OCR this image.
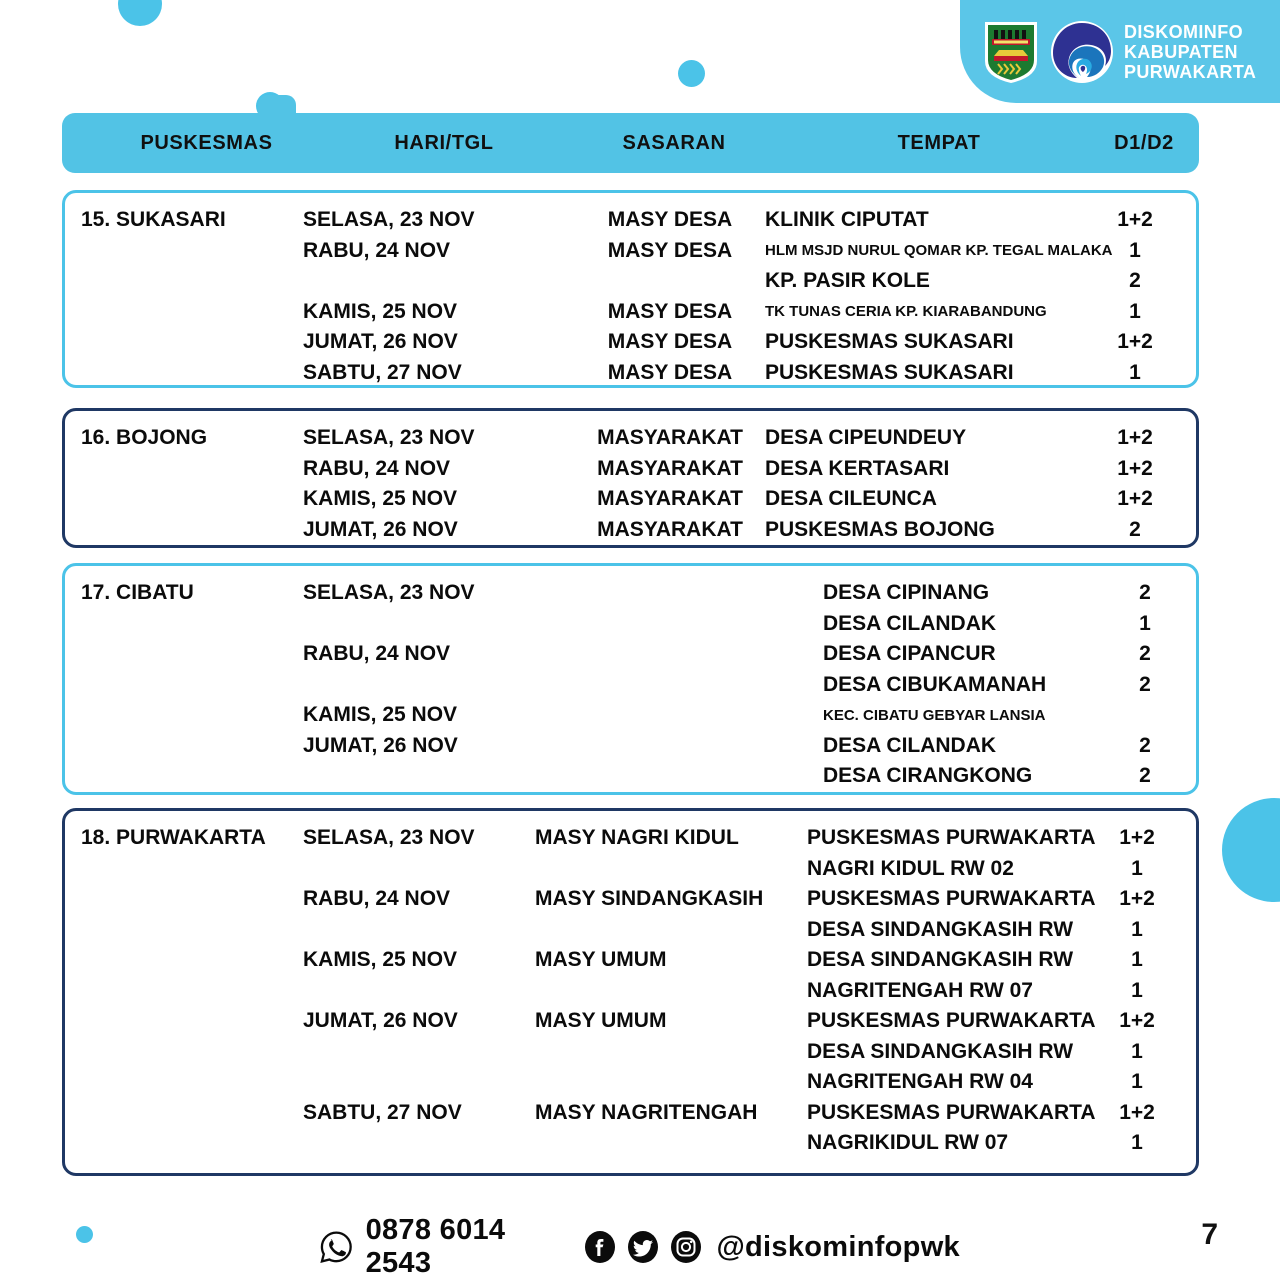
DISKOMINFO
KABUPATEN
PURWAKARTA
PUSKESMAS	HARI/TGL	SASARAN	TEMPAT	D1/D2
15. SUKASARI	SELASA, 23 NOV	MASY DESA	KLINIK CIPUTAT	1+2
RABU, 24 NOV	MASY DESA	HLM MSJD NURUL QOMAR KP. TEGAL MALAKA 1
KP. PASIR KOLE	2
KAMIS, 25 NOV	MASY DESA	TK TUNAS CERIA KP. KIARABANDUNG	1
JUMAT, 26 NOV	MASY DESA	PUSKESMAS SUKASARI	1+2
SABTU, 27 NOV	MASY DESA	PUSKESMAS SUKASARI	1
16. BOJONG	SELASA, 23 NOV	MASYARAKAT	DESA CIPEUNDEUY	1+2
RABU, 24 NOV	MASYARAKAT	DESA KERTASARI	1+2
KAMIS, 25 NOV	MASYARAKAT	DESA CILEUNCA	1+2
JUMAT, 26 NOV	MASYARAKAT	PUSKESMAS BOJONG	2
17. CIBATU	SELASA, 23 NOV	DESA CIPINANG	2
DESA CILANDAK	1
RABU, 24 NOV	DESA CIPANCUR	2
DESA CIBUKAMANAH	2
KAMIS, 25 NOV	KEC. CIBATU GEBYAR LANSIA
JUMAT, 26 NOV	DESA CILANDAK	2
DESA CIRANGKONG	2
18. PURWAKARTA	SELASA, 23 NOV	MASY NAGRI KIDUL	PUSKESMAS PURWAKARTA	1+2
NAGRI KIDUL RW 02	1
RABU, 24 NOV	MASY SINDANGKASIH	PUSKESMAS PURWAKARTA	1+2
DESA SINDANGKASIH RW	1
KAMIS, 25 NOV	MASY UMUM	DESA SINDANGKASIH RW	1
NAGRITENGAH RW 07	1
JUMAT, 26 NOV	MASY UMUM	PUSKESMAS PURWAKARTA	1+2
DESA SINDANGKASIH RW	1
NAGRITENGAH RW 04	1
SABTU, 27 NOV	MASY NAGRITENGAH	PUSKESMAS PURWAKARTA	1+2
NAGRIKIDUL RW 07	1
0878 6014 2543
@diskominfopwk	7
